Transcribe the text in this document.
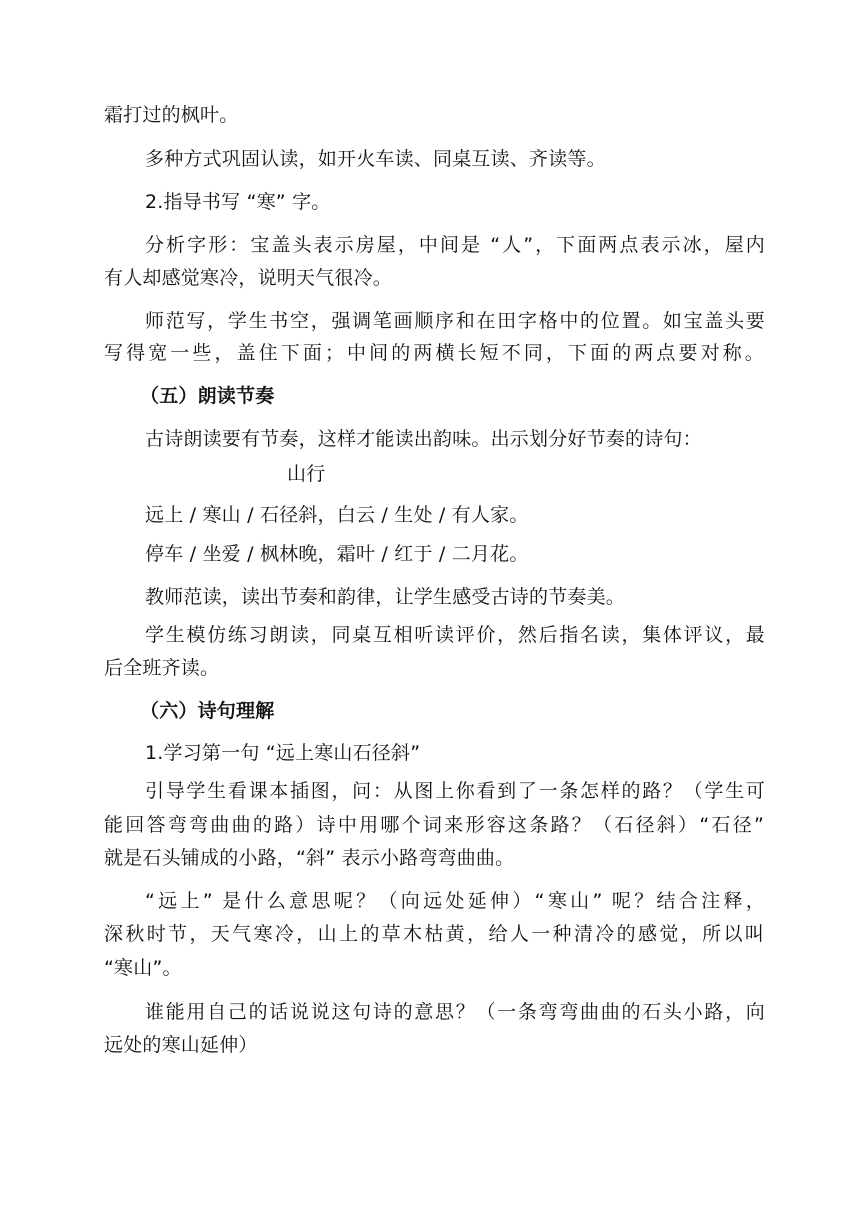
霜打过的枫叶。
多种方式巩固认读，如开火车读、同桌互读、齐读等。
2.指导书写 “寒” 字。
分析字形：宝盖头表示房屋，中间是 “人”，下面两点表示冰，屋内
有人却感觉寒冷，说明天气很冷。
师范写，学生书空，强调笔画顺序和在田字格中的位置。如宝盖头要
写得宽一些，盖住下面；中间的两横长短不同，下面的两点要对称。
（五）朗读节奏
古诗朗读要有节奏，这样才能读出韵味。出示划分好节奏的诗句：
山行
远上 / 寒山 / 石径斜，白云 / 生处 / 有人家。
停车 / 坐爱 / 枫林晚，霜叶 / 红于 / 二月花。
教师范读，读出节奏和韵律，让学生感受古诗的节奏美。
学生模仿练习朗读，同桌互相听读评价，然后指名读，集体评议，最
后全班齐读。
（六）诗句理解
1.学习第一句 “远上寒山石径斜”
引导学生看课本插图，问：从图上你看到了一条怎样的路？（学生可
能回答弯弯曲曲的路）诗中用哪个词来形容这条路？（石径斜）“石径”
就是石头铺成的小路，“斜” 表示小路弯弯曲曲。
“远上” 是什么意思呢？（向远处延伸）“寒山” 呢？结合注释，
深秋时节，天气寒冷，山上的草木枯黄，给人一种清冷的感觉，所以叫
“寒山”。
谁能用自己的话说说这句诗的意思？（一条弯弯曲曲的石头小路，向
远处的寒山延伸）
